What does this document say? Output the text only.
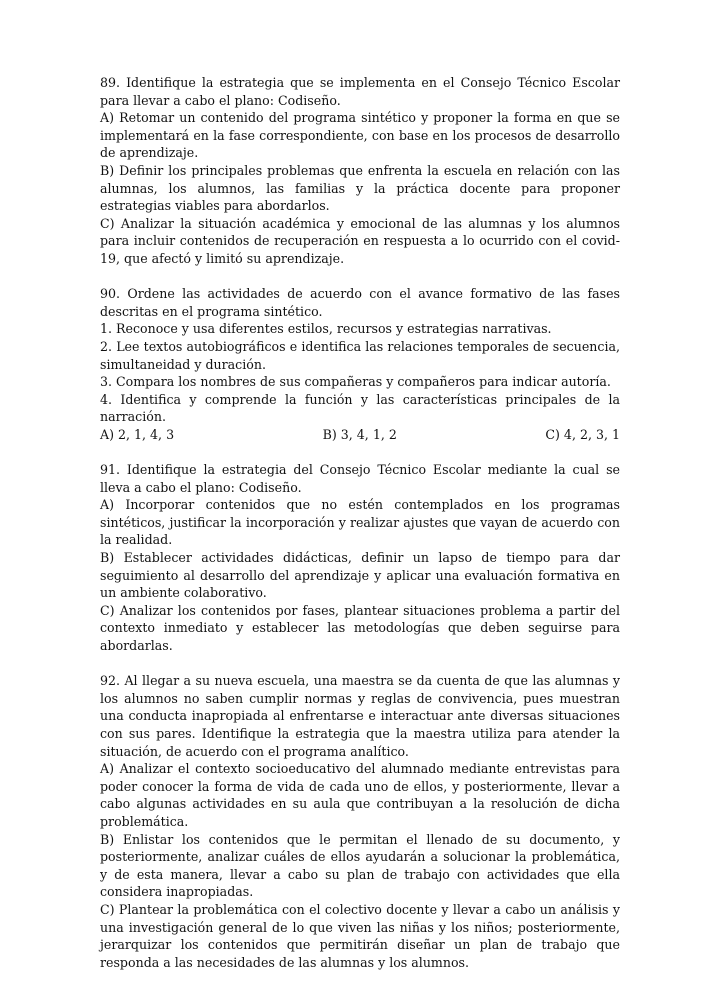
89. Identifique la estrategia que se implementa en el Consejo Técnico Escolar para llevar a cabo el plano: Codiseño.
A) Retomar un contenido del programa sintético y proponer la forma en que se implementará en la fase correspondiente, con base en los procesos de desarrollo de aprendizaje.
B) Definir los principales problemas que enfrenta la escuela en relación con las alumnas, los alumnos, las familias y la práctica docente para proponer estrategias viables para abordarlos.
C) Analizar la situación académica y emocional de las alumnas y los alumnos para incluir contenidos de recuperación en respuesta a lo ocurrido con el covid-19, que afectó y limitó su aprendizaje.
90. Ordene las actividades de acuerdo con el avance formativo de las fases descritas en el programa sintético.
1. Reconoce y usa diferentes estilos, recursos y estrategias narrativas.
2. Lee textos autobiográficos e identifica las relaciones temporales de secuencia, simultaneidad y duración.
3. Compara los nombres de sus compañeras y compañeros para indicar autoría.
4. Identifica y comprende la función y las características principales de la narración.
A) 2, 1, 4, 3	B) 3, 4, 1, 2	C) 4, 2, 3, 1
91. Identifique la estrategia del Consejo Técnico Escolar mediante la cual se lleva a cabo el plano: Codiseño.
A) Incorporar contenidos que no estén contemplados en los programas sintéticos, justificar la incorporación y realizar ajustes que vayan de acuerdo con la realidad.
B) Establecer actividades didácticas, definir un lapso de tiempo para dar seguimiento al desarrollo del aprendizaje y aplicar una evaluación formativa en un ambiente colaborativo.
C) Analizar los contenidos por fases, plantear situaciones problema a partir del contexto inmediato y establecer las metodologías que deben seguirse para abordarlas.
92. Al llegar a su nueva escuela, una maestra se da cuenta de que las alumnas y los alumnos no saben cumplir normas y reglas de convivencia, pues muestran una conducta inapropiada al enfrentarse e interactuar ante diversas situaciones con sus pares. Identifique la estrategia que la maestra utiliza para atender la situación, de acuerdo con el programa analítico.
A) Analizar el contexto socioeducativo del alumnado mediante entrevistas para poder conocer la forma de vida de cada uno de ellos, y posteriormente, llevar a cabo algunas actividades en su aula que contribuyan a la resolución de dicha problemática.
B) Enlistar los contenidos que le permitan el llenado de su documento, y posteriormente, analizar cuáles de ellos ayudarán a solucionar la problemática, y de esta manera, llevar a cabo su plan de trabajo con actividades que ella considera inapropiadas.
C) Plantear la problemática con el colectivo docente y llevar a cabo un análisis y una investigación general de lo que viven las niñas y los niños; posteriormente, jerarquizar los contenidos que permitirán diseñar un plan de trabajo que responda a las necesidades de las alumnas y los alumnos.
